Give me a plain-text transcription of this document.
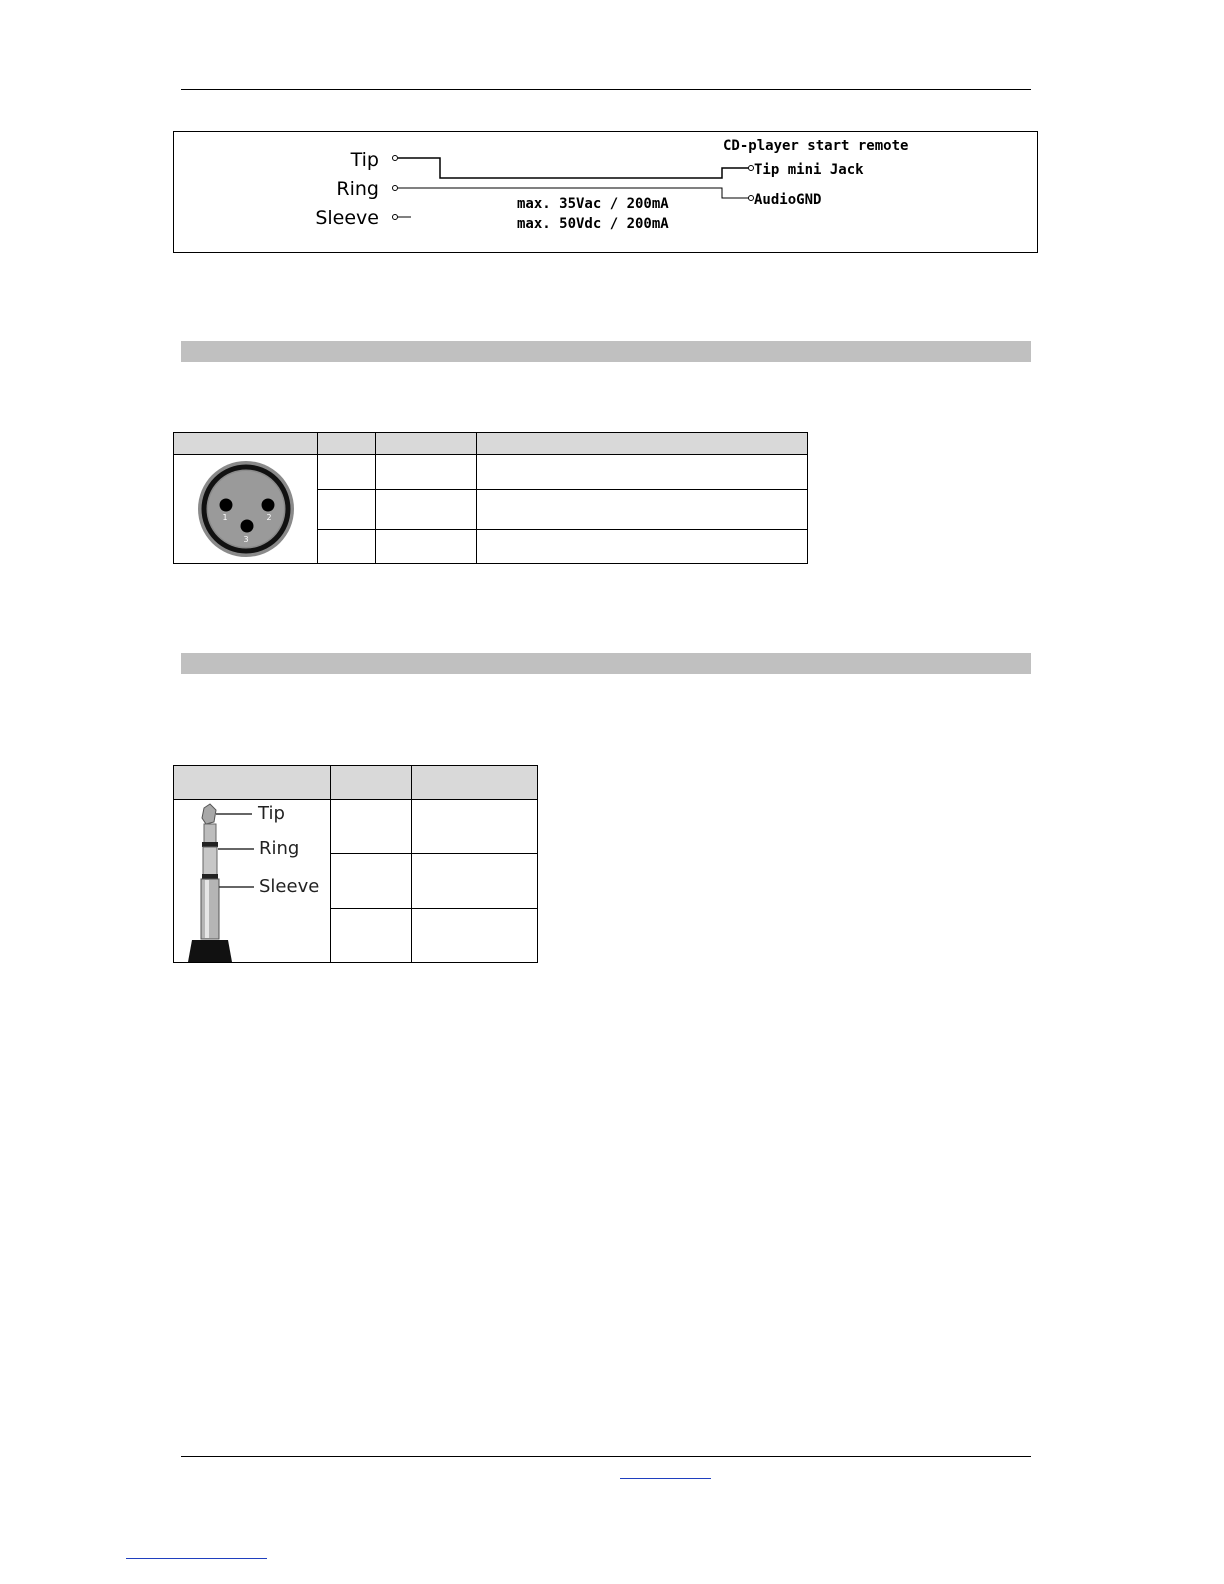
Tip
Ring
Sleeve
CD-player start remote
Tip mini Jack
AudioGND
max. 35Vac / 200mA
max. 50Vdc / 200mA

1 2
3			

Tip
Ring
Sleeve		
